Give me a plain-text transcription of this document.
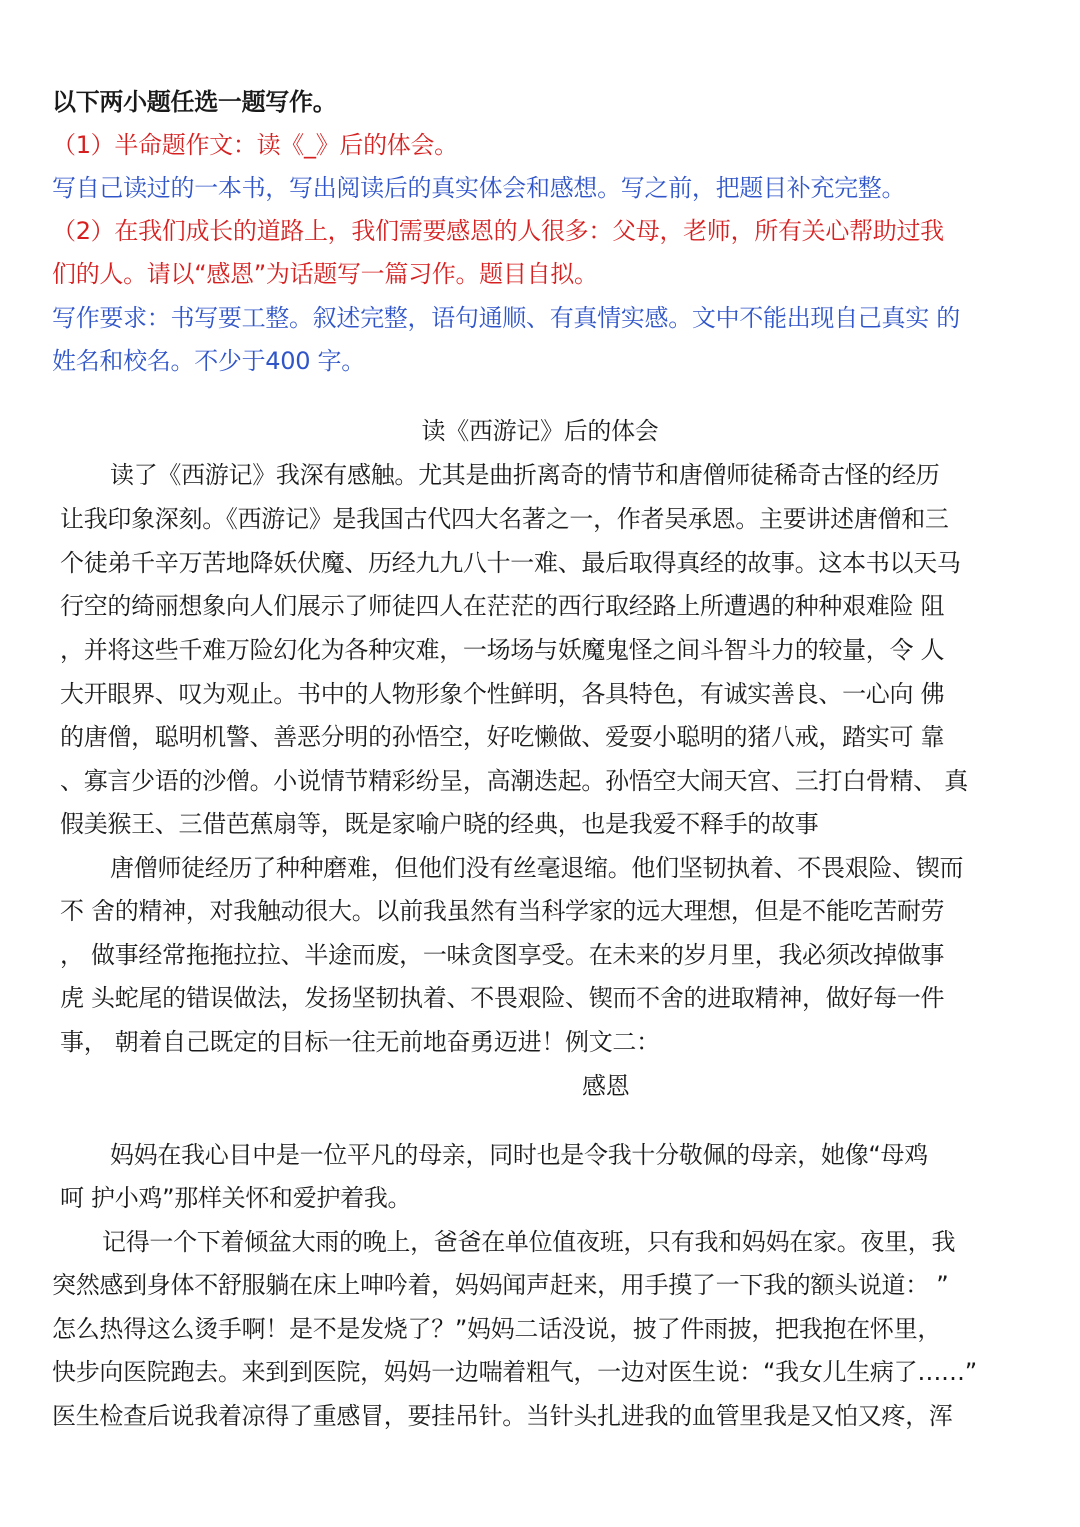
以下两小题任选一题写作。
（1）半命题作文：读《_》后的体会。
写自己读过的一本书，写出阅读后的真实体会和感想。写之前，把题目补充完整。
（2）在我们成长的道路上，我们需要感恩的人很多：父母，老师，所有关心帮助过我
们的人。请以“感恩”为话题写一篇习作。题目自拟。
写作要求：书写要工整。叙述完整，语句通顺、有真情实感。文中不能出现自己真实 的
姓名和校名。不少于400 字。
读《西游记》后的体会
读了《西游记》我深有感触。尤其是曲折离奇的情节和唐僧师徒稀奇古怪的经历
让我印象深刻。《西游记》是我国古代四大名著之一，作者吴承恩。主要讲述唐僧和三
个徒弟千辛万苦地降妖伏魔、历经九九八十一难、最后取得真经的故事。这本书以天马
行空的绮丽想象向人们展示了师徒四人在茫茫的西行取经路上所遭遇的种种艰难险 阻
，并将这些千难万险幻化为各种灾难，一场场与妖魔鬼怪之间斗智斗力的较量，令 人
大开眼界、叹为观止。书中的人物形象个性鲜明，各具特色，有诚实善良、一心向 佛
的唐僧，聪明机警、善恶分明的孙悟空，好吃懒做、爱耍小聪明的猪八戒，踏实可 靠
、寡言少语的沙僧。小说情节精彩纷呈，高潮迭起。孙悟空大闹天宫、三打白骨精、 真
假美猴王、三借芭蕉扇等，既是家喻户晓的经典，也是我爱不释手的故事
唐僧师徒经历了种种磨难，但他们没有丝毫退缩。他们坚韧执着、不畏艰险、锲而
不 舍的精神，对我触动很大。以前我虽然有当科学家的远大理想，但是不能吃苦耐劳
， 做事经常拖拖拉拉、半途而废，一味贪图享受。在未来的岁月里，我必须改掉做事
虎 头蛇尾的错误做法，发扬坚韧执着、不畏艰险、锲而不舍的进取精神，做好每一件
事， 朝着自己既定的目标一往无前地奋勇迈进！例文二：
感恩
妈妈在我心目中是一位平凡的母亲，同时也是令我十分敬佩的母亲，她像“母鸡
呵 护小鸡”那样关怀和爱护着我。
记得一个下着倾盆大雨的晚上，爸爸在单位值夜班，只有我和妈妈在家。夜里，我
突然感到身体不舒服躺在床上呻吟着，妈妈闻声赶来，用手摸了一下我的额头说道： ”
怎么热得这么烫手啊！是不是发烧了？”妈妈二话没说，披了件雨披，把我抱在怀里，
快步向医院跑去。来到到医院，妈妈一边喘着粗气，一边对医生说：“我女儿生病了……”
医生检查后说我着凉得了重感冒，要挂吊针。当针头扎进我的血管里我是又怕又疼，浑
